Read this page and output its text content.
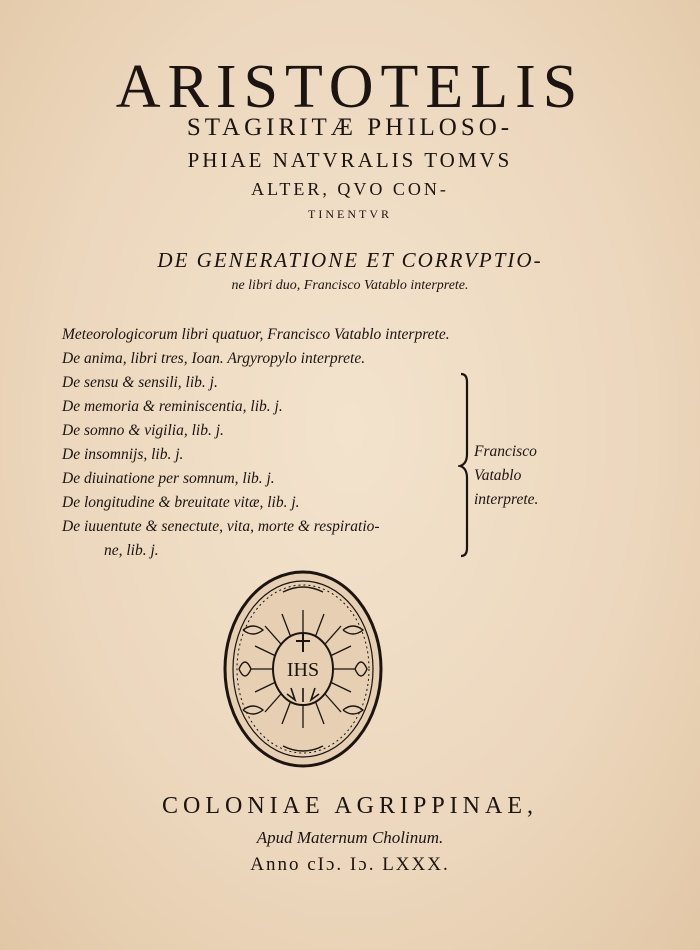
ARISTOTELIS
STAGIRITÆ PHILOSO-
PHIAE NATVRALIS TOMVS
ALTER, QVO CON-
TINENTVR
DE GENERATIONE ET CORRVPTIO-
ne libri duo, Francisco Vatablo interprete.
Meteorologicorum libri quatuor, Francisco Vatablo interprete.
De anima, libri tres, Ioan. Argyropylo interprete.
De sensu & sensili, lib. j.
De memoria & reminiscentia, lib. j.
De somno & vigilia, lib. j.
De insomnijs, lib. j.
De diuinatione per somnum, lib. j.
De longitudine & breuitate vitæ, lib. j.
De iuuentute & senectute, vita, morte & respiratio-
ne, lib. j.
Francisco
Vatablo
interprete.
IHS
COLONIAE AGRIPPINAE,
Apud Maternum Cholinum.
Anno cIɔ. Iɔ. LXXX.
